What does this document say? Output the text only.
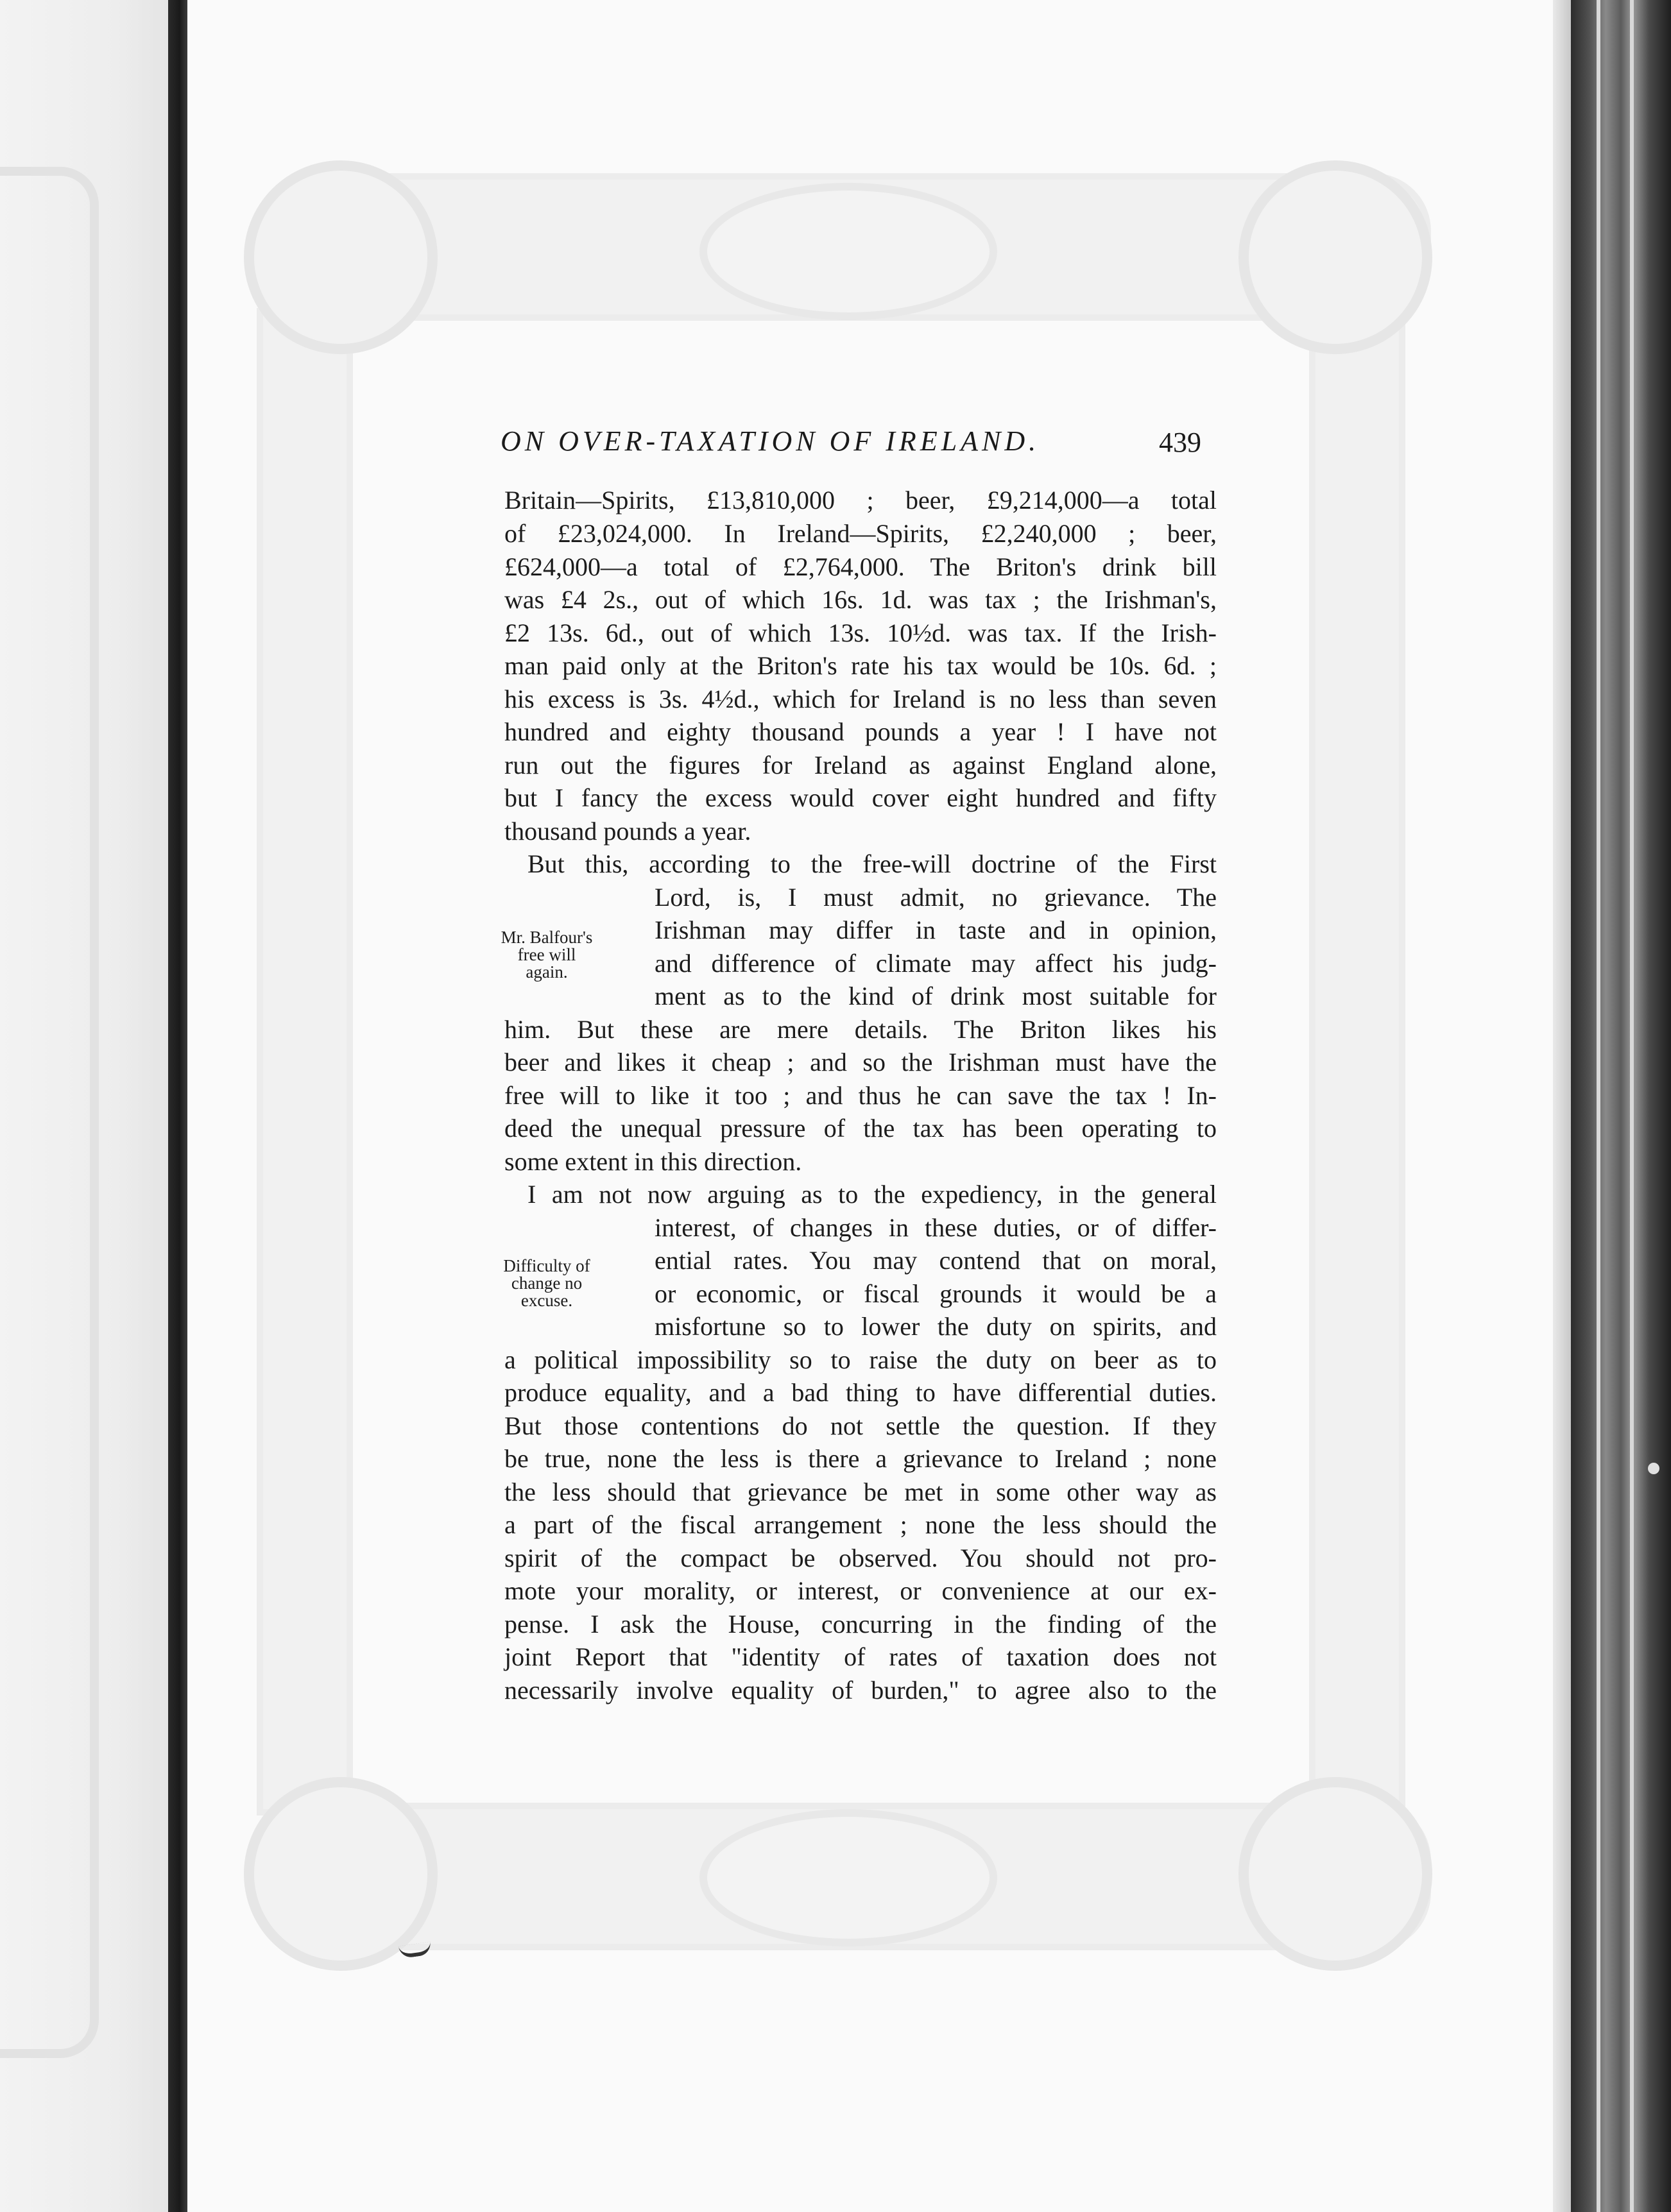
ON OVER-TAXATION OF IRELAND.	439
Britain—Spirits, £13,810,000 ; beer, £9,214,000—a total
of £23,024,000. In Ireland—Spirits, £2,240,000 ; beer,
£624,000—a total of £2,764,000. The Briton's drink bill
was £4 2s., out of which 16s. 1d. was tax ; the Irishman's,
£2 13s. 6d., out of which 13s. 10½d. was tax. If the Irish-
man paid only at the Briton's rate his tax would be 10s. 6d. ;
his excess is 3s. 4½d., which for Ireland is no less than seven
hundred and eighty thousand pounds a year ! I have not
run out the figures for Ireland as against England alone,
but I fancy the excess would cover eight hundred and fifty
thousand pounds a year.
But this, according to the free-will doctrine of the First
Lord, is, I must admit, no grievance. The
Irishman may differ in taste and in opinion,
and difference of climate may affect his judg-
ment as to the kind of drink most suitable for
him. But these are mere details. The Briton likes his
beer and likes it cheap ; and so the Irishman must have the
free will to like it too ; and thus he can save the tax ! In-
deed the unequal pressure of the tax has been operating to
some extent in this direction.
I am not now arguing as to the expediency, in the general
interest, of changes in these duties, or of differ-
ential rates. You may contend that on moral,
or economic, or fiscal grounds it would be a
misfortune so to lower the duty on spirits, and
a political impossibility so to raise the duty on beer as to
produce equality, and a bad thing to have differential duties.
But those contentions do not settle the question. If they
be true, none the less is there a grievance to Ireland ; none
the less should that grievance be met in some other way as
a part of the fiscal arrangement ; none the less should the
spirit of the compact be observed. You should not pro-
mote your morality, or interest, or convenience at our ex-
pense. I ask the House, concurring in the finding of the
joint Report that "identity of rates of taxation does not
necessarily involve equality of burden," to agree also to the
Mr. Balfour's
free will
again.
Difficulty of
change no
excuse.
